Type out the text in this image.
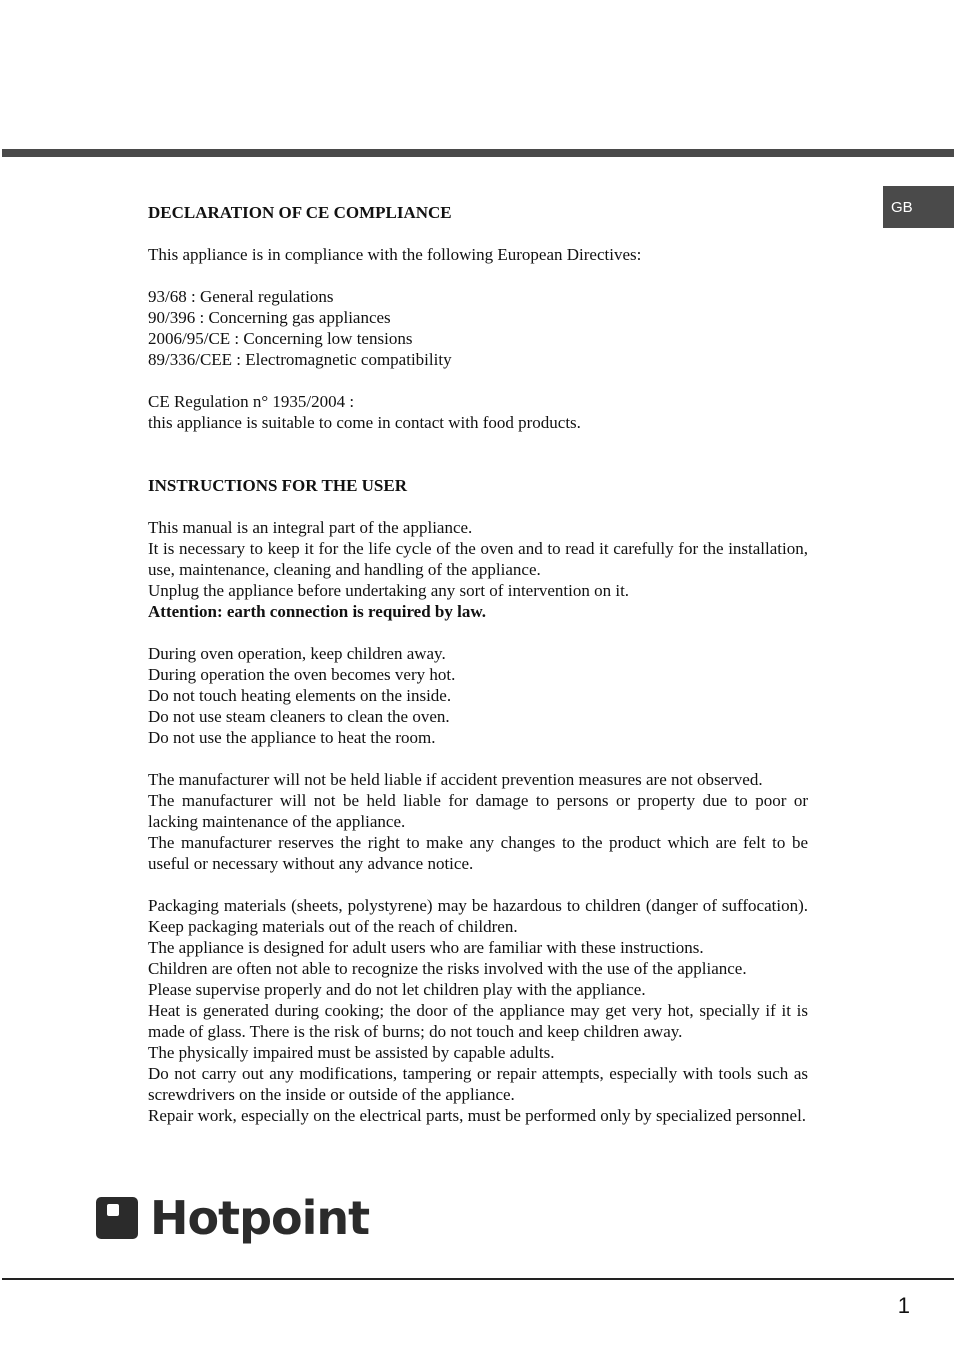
GB

DECLARATION OF CE COMPLIANCE

This appliance is in compliance with the following European Directives:

93/68 : General regulations

90/396 : Concerning gas appliances

2006/95/CE : Concerning low tensions

89/336/CEE : Electromagnetic compatibility

CE Regulation n° 1935/2004 :

this appliance is suitable to come in contact with food products.

INSTRUCTIONS FOR THE USER

This manual is an integral part of the appliance.

It is necessary to keep it for the life cycle of the oven and to read it carefully for the installation, use, maintenance, cleaning and handling of the appliance.

Unplug the appliance before undertaking any sort of intervention on it.

Attention: earth connection is required by law.

During oven operation, keep children away.

During operation the oven becomes very hot.

Do not touch heating elements on the inside.

Do not use steam cleaners to clean the oven.

Do not use the appliance to heat the room.

The manufacturer will not be held liable if accident prevention measures are not observed.

The manufacturer will not be held liable for damage to persons or property due to poor or lacking maintenance of the appliance.

The manufacturer reserves the right to make any changes to the product which are felt to be useful or necessary without any advance notice.

Packaging materials (sheets, polystyrene) may be hazardous to children (danger of suffocation). Keep packaging materials out of the reach of children.

The appliance is designed for adult users who are familiar with these instructions.

Children are often not able to recognize the risks involved with the use of the appliance.

Please supervise properly and do not let children play with the appliance.

Heat is generated during cooking; the door of the appliance may get very hot, specially if it is made of glass. There is the risk of burns; do not touch and keep children away.

The physically impaired must be assisted by capable adults.

Do not carry out any modifications, tampering or repair attempts, especially with tools such as screwdrivers on the inside or outside of the appliance.

Repair work, especially on the electrical parts, must be performed only by specialized personnel.

Hotpoint
1
